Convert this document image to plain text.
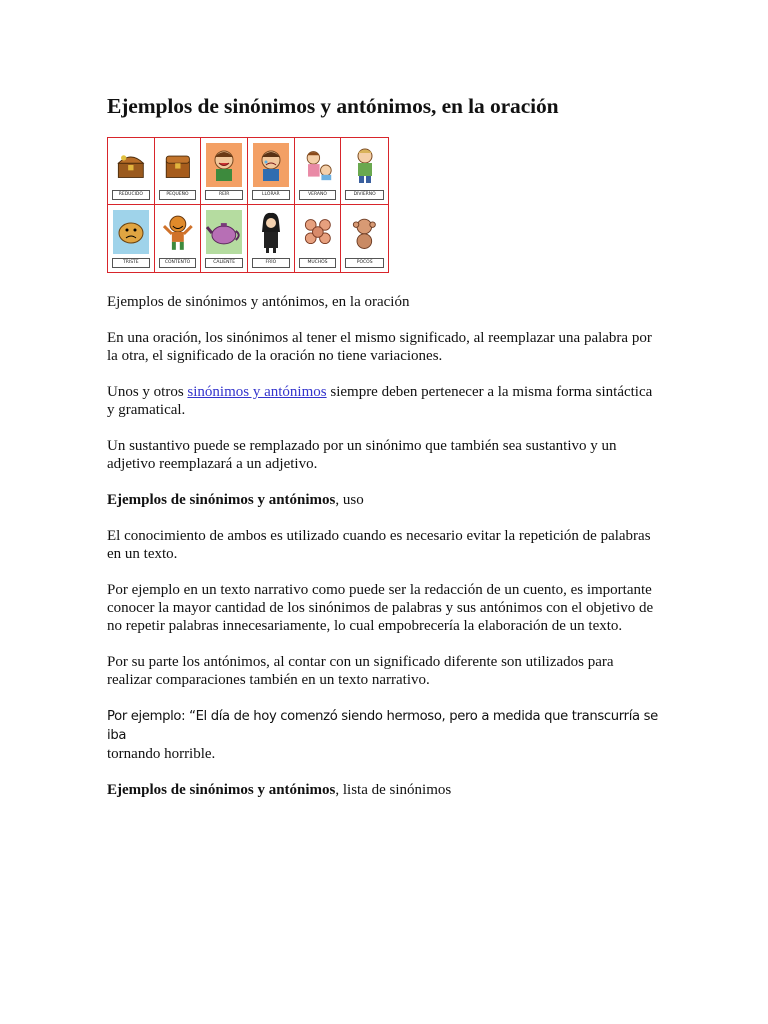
Ejemplos de sinónimos y antónimos, en la oración
REDUCIDO	PEQUEÑO	REÍR	LLORAR	VERANO	DIVIERNO
TRISTE	CONTENTO	CALIENTE	FRÍO	MUCHOS	POCOS

Ejemplos de sinónimos y antónimos, en la oración

En una oración, los sinónimos al tener el mismo significado, al reemplazar una palabra por la otra, el significado de la oración no tiene variaciones.

Unos y otros sinónimos y antónimos siempre deben pertenecer a la misma forma sintáctica y gramatical.

Un sustantivo puede se remplazado por un sinónimo que también sea sustantivo y un adjetivo reemplazará a un adjetivo.

Ejemplos de sinónimos y antónimos, uso

El conocimiento de ambos es utilizado cuando es necesario evitar la repetición de palabras en un texto.

Por ejemplo en un texto narrativo como puede ser la redacción de un cuento, es importante conocer la mayor cantidad de los sinónimos de palabras y sus antónimos con el objetivo de no repetir palabras innecesariamente, lo cual empobrecería la elaboración de un texto.

Por su parte los antónimos, al contar con un significado diferente son utilizados para realizar comparaciones también en un texto narrativo.

Por ejemplo: “El día de hoy comenzó siendo hermoso, pero a medida que transcurría se iba
tornando horrible.

Ejemplos de sinónimos y antónimos, lista de sinónimos
